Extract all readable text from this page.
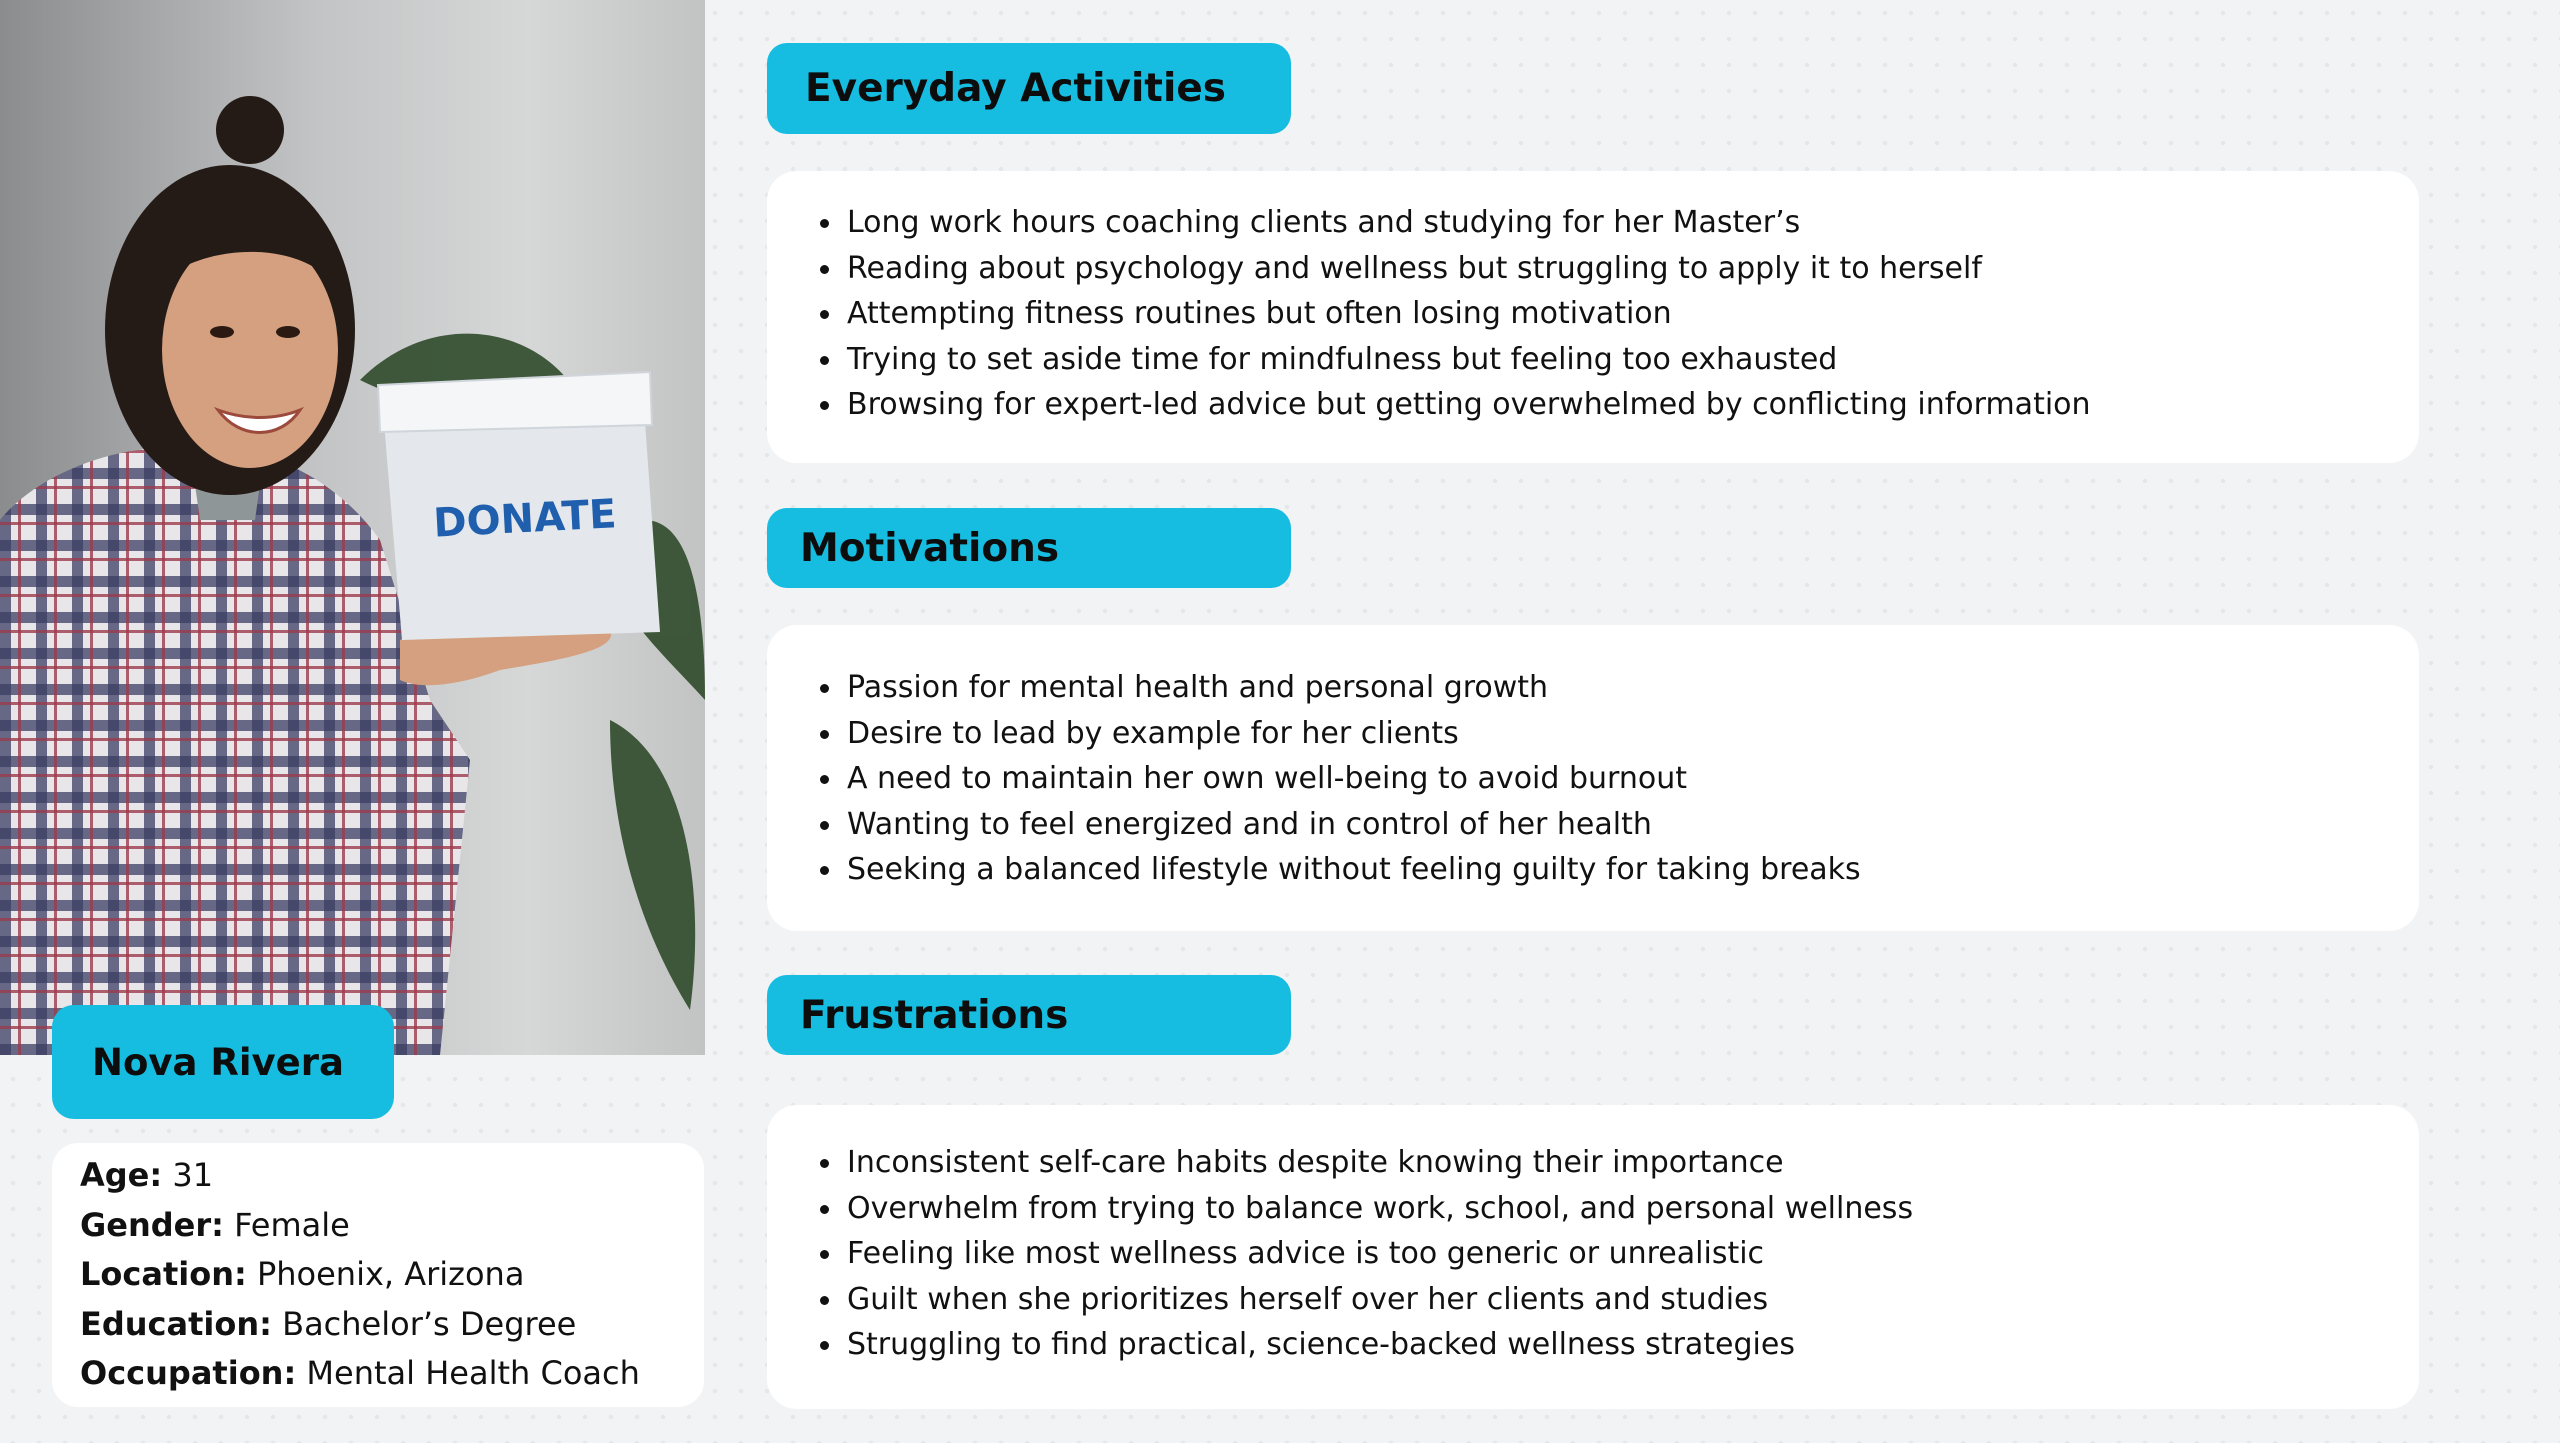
DONATE
Nova Rivera
Age: 31
Gender: Female
Location: Phoenix, Arizona
Education: Bachelor’s Degree
Occupation: Mental Health Coach
Everyday Activities
Long work hours coaching clients and studying for her Master’s
Reading about psychology and wellness but struggling to apply it to herself
Attempting fitness routines but often losing motivation
Trying to set aside time for mindfulness but feeling too exhausted
Browsing for expert-led advice but getting overwhelmed by conflicting information
Motivations
Passion for mental health and personal growth
Desire to lead by example for her clients
A need to maintain her own well-being to avoid burnout
Wanting to feel energized and in control of her health
Seeking a balanced lifestyle without feeling guilty for taking breaks
Frustrations
Inconsistent self-care habits despite knowing their importance
Overwhelm from trying to balance work, school, and personal wellness
Feeling like most wellness advice is too generic or unrealistic
Guilt when she prioritizes herself over her clients and studies
Struggling to find practical, science-backed wellness strategies
